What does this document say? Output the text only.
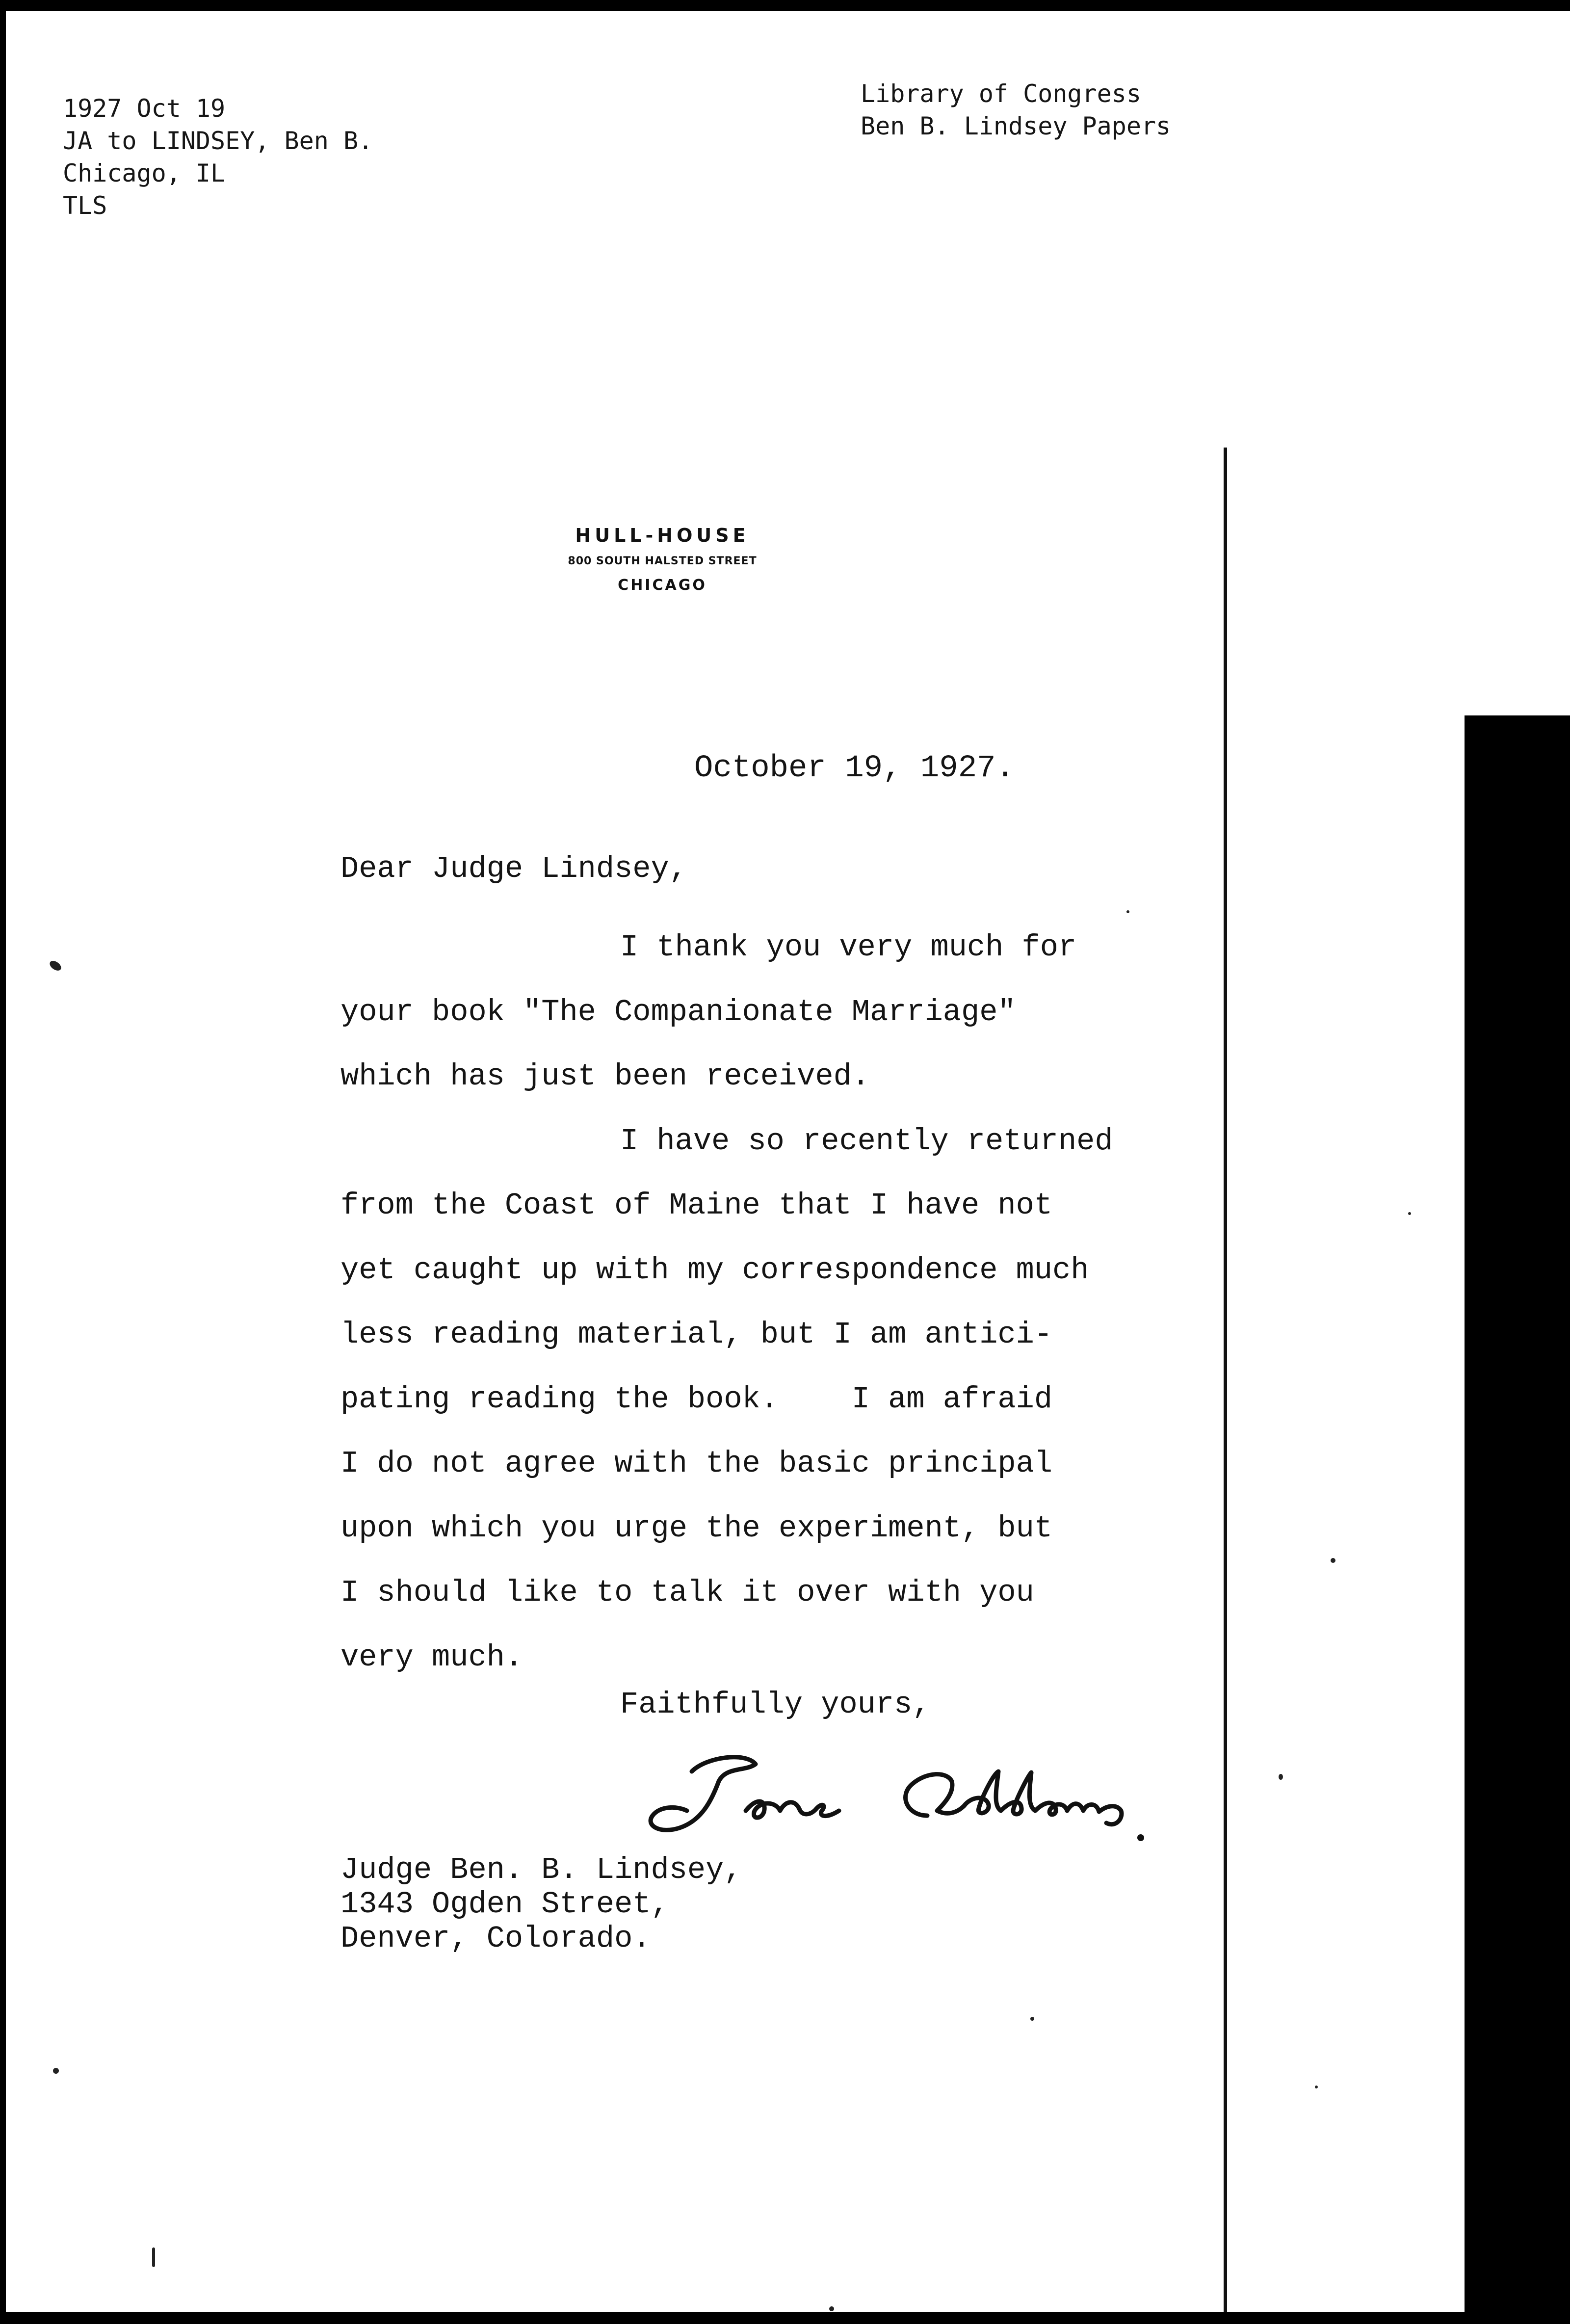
1927 Oct 19
JA to LINDSEY, Ben B.
Chicago, IL
TLS
Library of Congress
Ben B. Lindsey Papers
HULL-HOUSE
800 SOUTH HALSTED STREET
CHICAGO
October 19, 1927.
Dear Judge Lindsey,
I thank you very much for
your book "The Companionate Marriage"
which has just been received.
I have so recently returned
from the Coast of Maine that I have not
yet caught up with my correspondence much
less reading material, but I am antici-
pating reading the book.    I am afraid
I do not agree with the basic principal
upon which you urge the experiment, but
I should like to talk it over with you
very much.
Faithfully yours,
Judge Ben. B. Lindsey,
1343 Ogden Street,
Denver, Colorado.
